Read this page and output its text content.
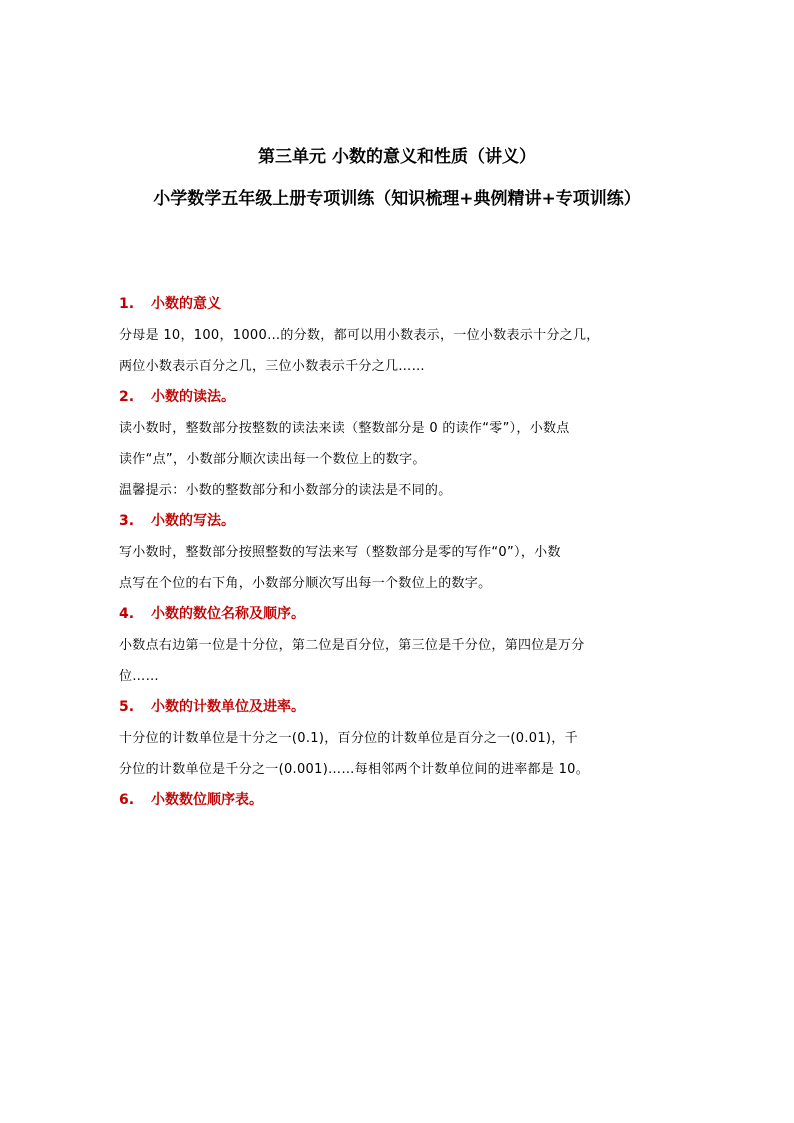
第三单元 小数的意义和性质（讲义）
小学数学五年级上册专项训练（知识梳理+典例精讲+专项训练）
1. 小数的意义
分母是 10，100，1000…的分数，都可以用小数表示，一位小数表示十分之几，
两位小数表示百分之几，三位小数表示千分之几……
2. 小数的读法。
读小数时，整数部分按整数的读法来读（整数部分是 0 的读作“零”），小数点
读作“点”，小数部分顺次读出每一个数位上的数字。
温馨提示：小数的整数部分和小数部分的读法是不同的。
3. 小数的写法。
写小数时，整数部分按照整数的写法来写（整数部分是零的写作“0”），小数
点写在个位的右下角，小数部分顺次写出每一个数位上的数字。
4. 小数的数位名称及顺序。
小数点右边第一位是十分位，第二位是百分位，第三位是千分位，第四位是万分
位……
5. 小数的计数单位及进率。
十分位的计数单位是十分之一(0.1)，百分位的计数单位是百分之一(0.01)，千
分位的计数单位是千分之一(0.001)……每相邻两个计数单位间的进率都是 10。
6. 小数数位顺序表。
